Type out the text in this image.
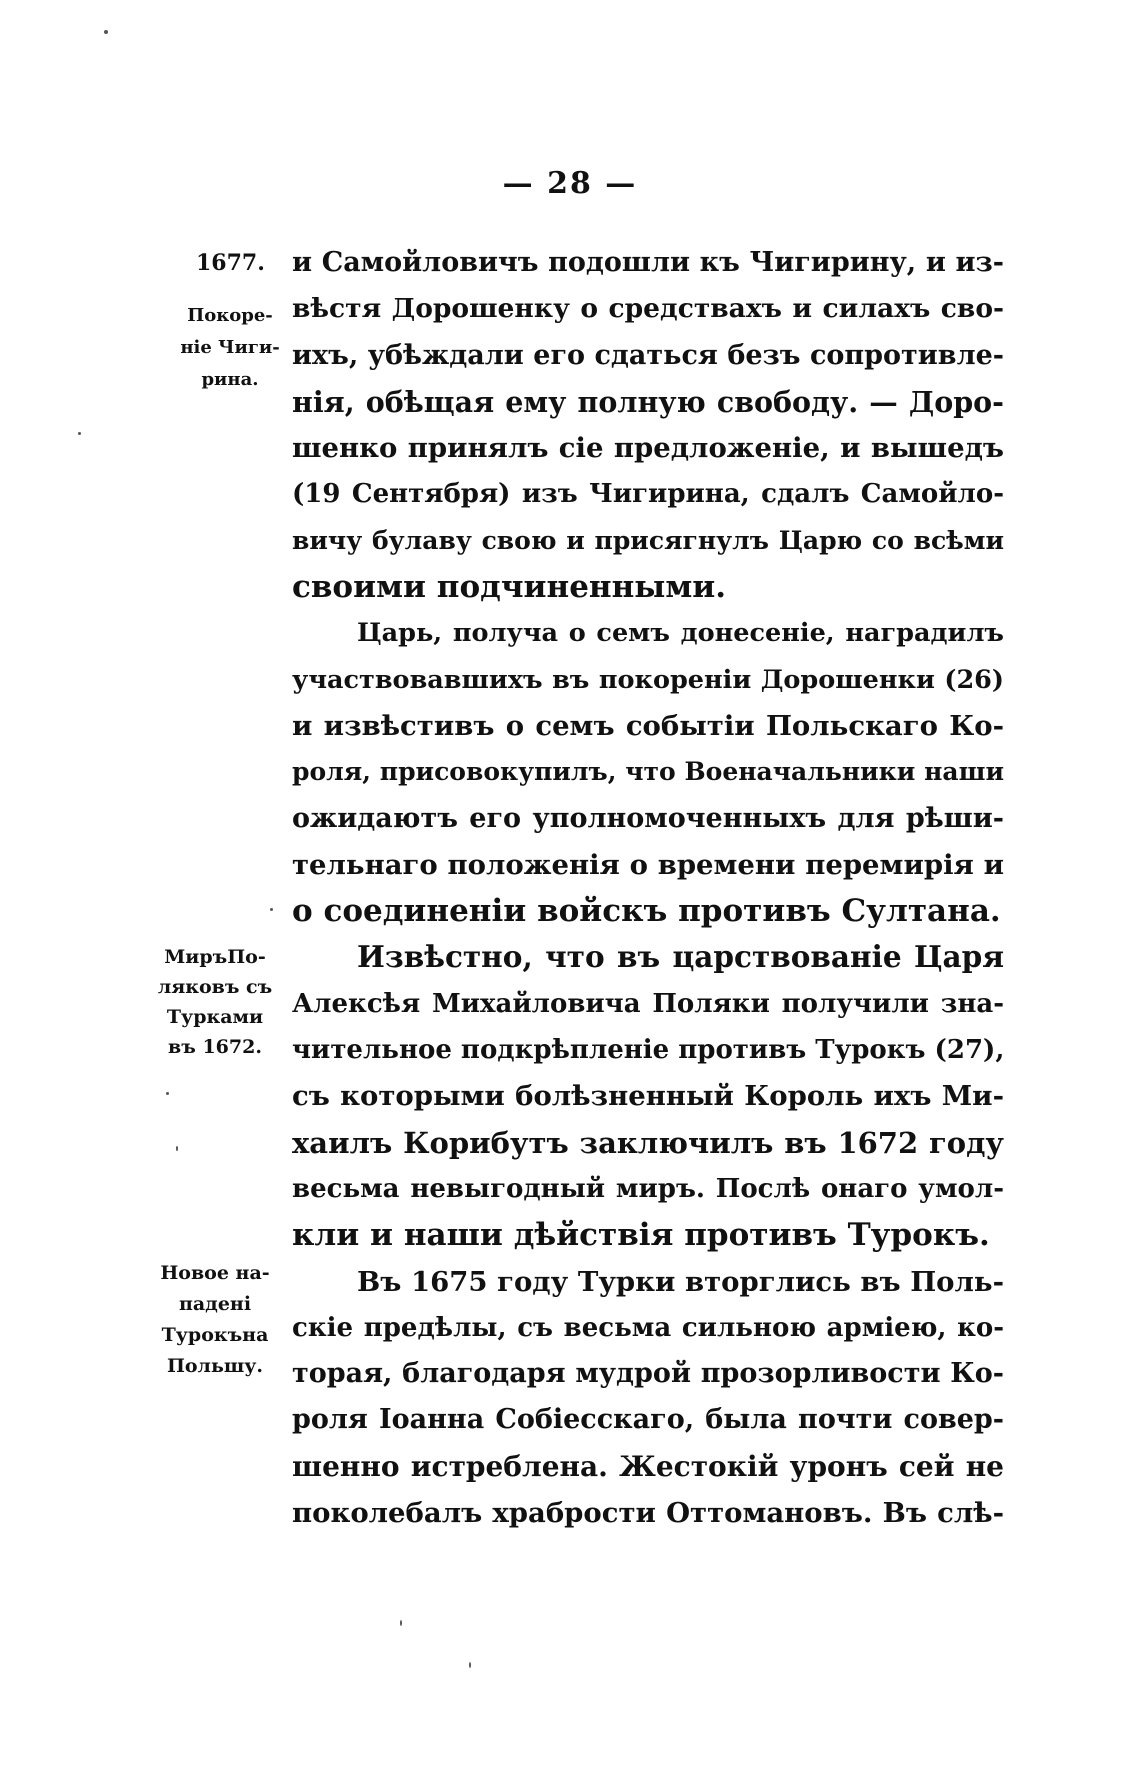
— 28 —
1677.
Покоре-
ніе Чиги-
рина.
МиръПо-
ляковъ съ
Турками
въ 1672.
Новое на-
падені
Турокъна
Польшу.
и Самойловичъ подошли къ Чигирину, и из-
вѣстя Дорошенку о средствахъ и силахъ сво-
ихъ, убѣждали его сдаться безъ сопротивле-
нія, обѣщая ему полную свободу. — Доро-
шенко принялъ сіе предложеніе, и вышедъ
(19 Сентября) изъ Чигирина, сдалъ Самойло-
вичу булаву свою и присягнулъ Царю со всѣми
своими подчиненными.
Царь, получа о семъ донесеніе, наградилъ
участвовавшихъ въ покореніи Дорошенки (26)
и извѣстивъ о семъ событіи Польскаго Ко-
роля, присовокупилъ, что Военачальники наши
ожидаютъ его уполномоченныхъ для рѣши-
тельнаго положенія о времени перемирія и
о соединеніи войскъ противъ Султана.
Извѣстно, что въ царствованіе Царя
Алексѣя Михайловича Поляки получили зна-
чительное подкрѣпленіе противъ Турокъ (27),
съ которыми болѣзненный Король ихъ Ми-
хаилъ Корибутъ заключилъ въ 1672 году
весьма невыгодный миръ. Послѣ онаго умол-
кли и наши дѣйствія противъ Турокъ.
Въ 1675 году Турки вторглись въ Поль-
скіе предѣлы, съ весьма сильною арміею, ко-
торая, благодаря мудрой прозорливости Ко-
роля Іоанна Собіесскаго, была почти совер-
шенно истреблена. Жестокій уронъ сей не
поколебалъ храбрости Оттомановъ. Въ слѣ-
